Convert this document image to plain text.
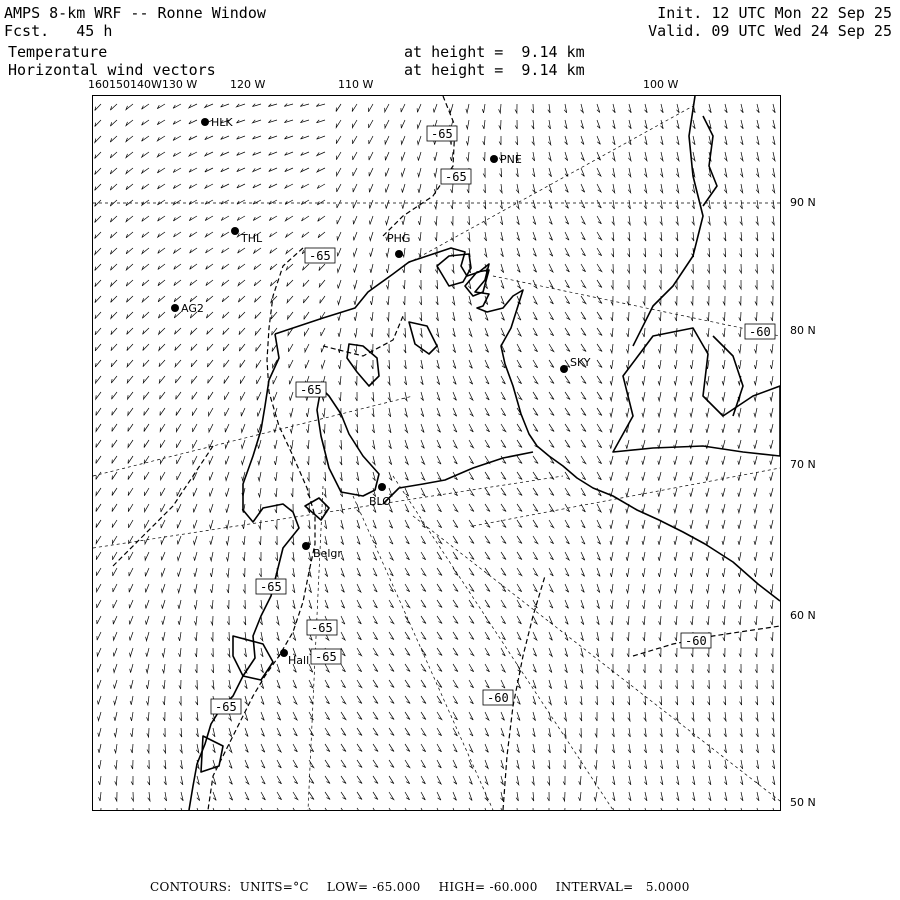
AMPS 8-km WRF -- Ronne Window
Fcst.   45 h
Temperature
Horizontal wind vectors
at height =  9.14 km
at height =  9.14 km
Init. 12 UTC Mon 22 Sep 25
Valid. 09 UTC Wed 24 Sep 25
160150140W130 W	120 W	110 W	100 W
90 N
80 N
70 N
60 N
50 N
-65
-65
-65
-65
-65
-65
-65
-65
-60
-60
-60
HLK
PNE
THL	PHG
AG2
SKY
BLO
Belgr
Hall
CONTOURS:  UNITS=°C LOW= -65.000 HIGH= -60.000 INTERVAL=   5.0000
